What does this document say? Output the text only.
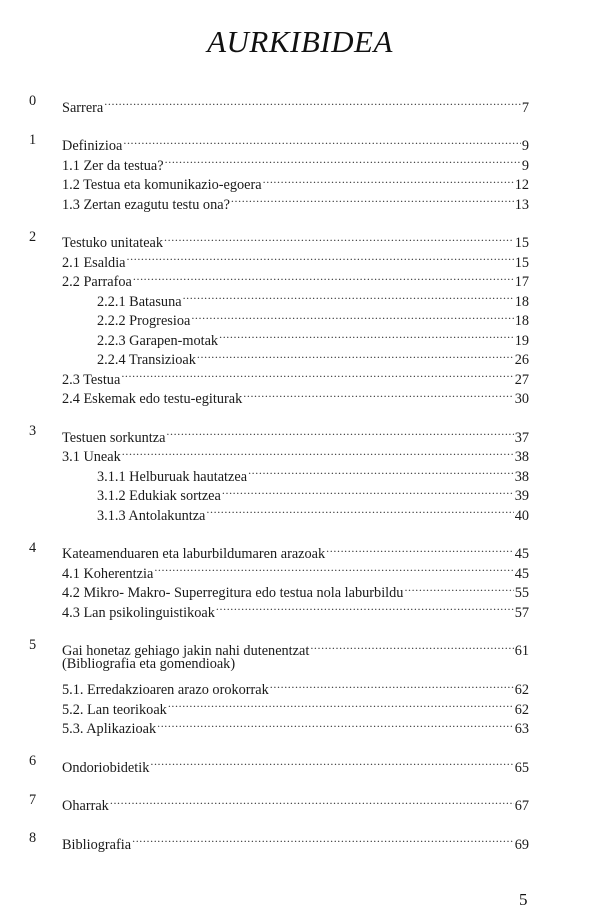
AURKIBIDEA
0	Sarrera .....	7
1	Definizioa .....	9
1.1 Zer da testua? .....	9
1.2 Testua eta komunikazio-egoera .....	12
1.3 Zertan ezagutu testu ona? .....	13
2	Testuko unitateak .....	15
2.1 Esaldia .....	15
2.2 Parrafoa .....	17
2.2.1 Batasuna .....	18
2.2.2 Progresioa .....	18
2.2.3 Garapen-motak .....	19
2.2.4 Transizioak .....	26
2.3 Testua .....	27
2.4 Eskemak edo testu-egiturak .....	30
3	Testuen sorkuntza .....	37
3.1 Uneak .....	38
3.1.1 Helburuak hautatzea .....	38
3.1.2 Edukiak sortzea .....	39
3.1.3 Antolakuntza .....	40
4	Kateamenduaren eta laburbildumaren arazoak .....	45
4.1 Koherentzia .....	45
4.2 Mikro- Makro- Superregitura edo testua nola laburbildu .....	55
4.3 Lan psikolinguistikoak .....	57
5	Gai honetaz gehiago jakin nahi dutenentzat .....	61
(Bibliografia eta gomendioak)
5.1. Erredakzioaren arazo orokorrak .....	62
5.2. Lan teorikoak .....	62
5.3. Aplikazioak .....	63
6	Ondoriobidetik .....	65
7	Oharrak .....	67
8	Bibliografia .....	69
5
